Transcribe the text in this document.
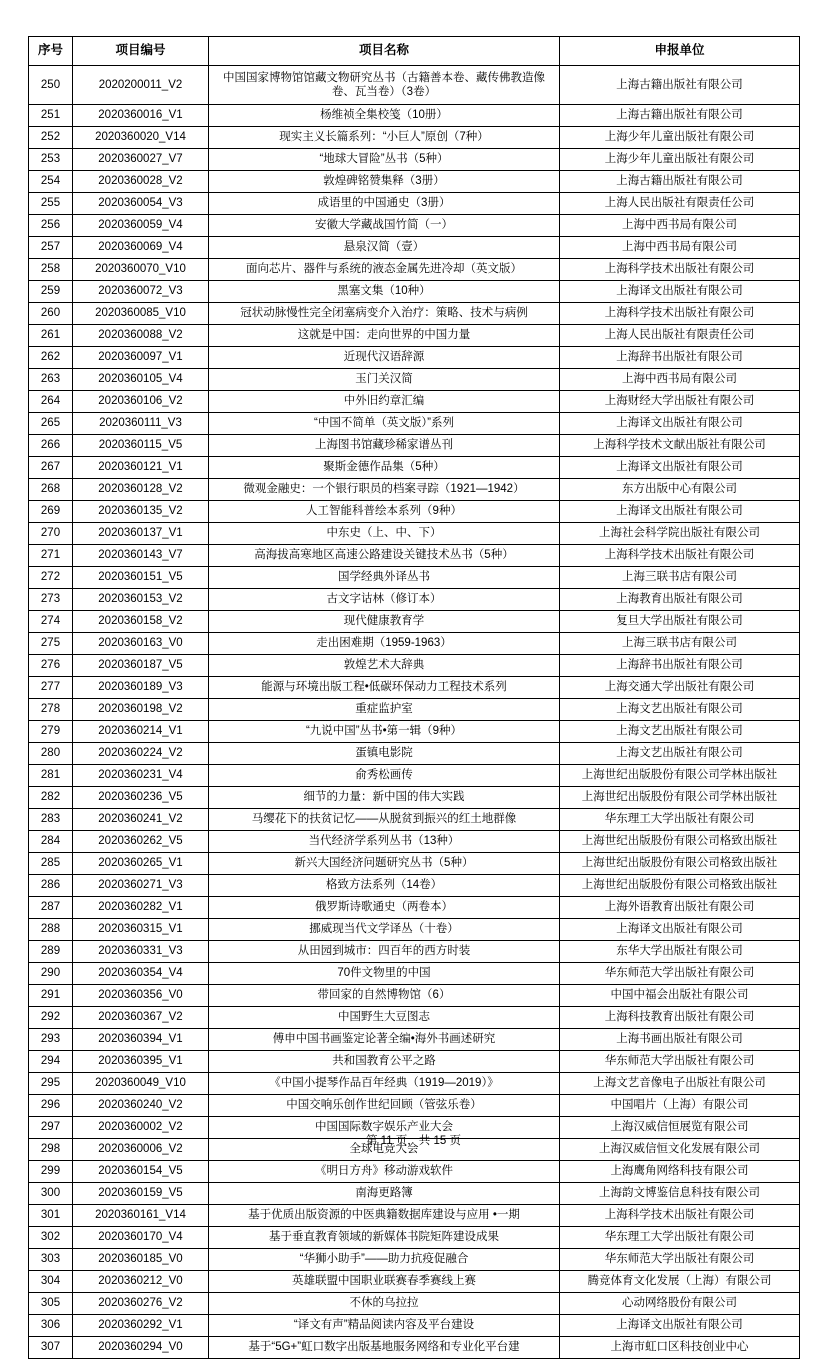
序号	项目编号	项目名称	申报单位
250	2020200011_V2	中国国家博物馆馆藏文物研究丛书（古籍善本卷、藏传佛教造像卷、瓦当卷）（3卷）	上海古籍出版社有限公司
251	2020360016_V1	杨维祯全集校笺（10册）	上海古籍出版社有限公司
252	2020360020_V14	现实主义长篇系列：“小巨人”原创（7种）	上海少年儿童出版社有限公司
253	2020360027_V7	“地球大冒险”丛书（5种）	上海少年儿童出版社有限公司
254	2020360028_V2	敦煌碑铭赞集释（3册）	上海古籍出版社有限公司
255	2020360054_V3	成语里的中国通史（3册）	上海人民出版社有限责任公司
256	2020360059_V4	安徽大学藏战国竹简（一）	上海中西书局有限公司
257	2020360069_V4	悬泉汉简（壹）	上海中西书局有限公司
258	2020360070_V10	面向芯片、器件与系统的液态金属先进冷却（英文版）	上海科学技术出版社有限公司
259	2020360072_V3	黑塞文集（10种）	上海译文出版社有限公司
260	2020360085_V10	冠状动脉慢性完全闭塞病变介入治疗：策略、技术与病例	上海科学技术出版社有限公司
261	2020360088_V2	这就是中国：走向世界的中国力量	上海人民出版社有限责任公司
262	2020360097_V1	近现代汉语辞源	上海辞书出版社有限公司
263	2020360105_V4	玉门关汉简	上海中西书局有限公司
264	2020360106_V2	中外旧约章汇编	上海财经大学出版社有限公司
265	2020360111_V3	“中国不简单（英文版）”系列	上海译文出版社有限公司
266	2020360115_V5	上海图书馆藏珍稀家谱丛刊	上海科学技术文献出版社有限公司
267	2020360121_V1	聚斯金德作品集（5种）	上海译文出版社有限公司
268	2020360128_V2	微观金融史：一个银行职员的档案寻踪（1921—1942）	东方出版中心有限公司
269	2020360135_V2	人工智能科普绘本系列（9种）	上海译文出版社有限公司
270	2020360137_V1	中东史（上、中、下）	上海社会科学院出版社有限公司
271	2020360143_V7	高海拔高寒地区高速公路建设关键技术丛书（5种）	上海科学技术出版社有限公司
272	2020360151_V5	国学经典外译丛书	上海三联书店有限公司
273	2020360153_V2	古文字诂林（修订本）	上海教育出版社有限公司
274	2020360158_V2	现代健康教育学	复旦大学出版社有限公司
275	2020360163_V0	走出困难期（1959-1963）	上海三联书店有限公司
276	2020360187_V5	敦煌艺术大辞典	上海辞书出版社有限公司
277	2020360189_V3	能源与环境出版工程•低碳环保动力工程技术系列	上海交通大学出版社有限公司
278	2020360198_V2	重症监护室	上海文艺出版社有限公司
279	2020360214_V1	“九说中国”丛书•第一辑（9种）	上海文艺出版社有限公司
280	2020360224_V2	蛋镇电影院	上海文艺出版社有限公司
281	2020360231_V4	俞秀松画传	上海世纪出版股份有限公司学林出版社
282	2020360236_V5	细节的力量：新中国的伟大实践	上海世纪出版股份有限公司学林出版社
283	2020360241_V2	马缨花下的扶贫记忆——从脱贫到振兴的红土地群像	华东理工大学出版社有限公司
284	2020360262_V5	当代经济学系列丛书（13种）	上海世纪出版股份有限公司格致出版社
285	2020360265_V1	新兴大国经济问题研究丛书（5种）	上海世纪出版股份有限公司格致出版社
286	2020360271_V3	格致方法系列（14卷）	上海世纪出版股份有限公司格致出版社
287	2020360282_V1	俄罗斯诗歌通史（两卷本）	上海外语教育出版社有限公司
288	2020360315_V1	挪威现当代文学译丛（十卷）	上海译文出版社有限公司
289	2020360331_V3	从田园到城市：四百年的西方时装	东华大学出版社有限公司
290	2020360354_V4	70件文物里的中国	华东师范大学出版社有限公司
291	2020360356_V0	带回家的自然博物馆（6）	中国中福会出版社有限公司
292	2020360367_V2	中国野生大豆图志	上海科技教育出版社有限公司
293	2020360394_V1	傅申中国书画鉴定论著全编•海外书画述研究	上海书画出版社有限公司
294	2020360395_V1	共和国教育公平之路	华东师范大学出版社有限公司
295	2020360049_V10	《中国小提琴作品百年经典（1919—2019）》	上海文艺音像电子出版社有限公司
296	2020360240_V2	中国交响乐创作世纪回顾（管弦乐卷）	中国唱片（上海）有限公司
297	2020360002_V2	中国国际数字娱乐产业大会	上海汉威信恒展览有限公司
298	2020360006_V2	全球电竞大会	上海汉威信恒文化发展有限公司
299	2020360154_V5	《明日方舟》移动游戏软件	上海鹰角网络科技有限公司
300	2020360159_V5	南海更路簿	上海韵文博鉴信息科技有限公司
301	2020360161_V14	基于优质出版资源的中医典籍数据库建设与应用 •一期	上海科学技术出版社有限公司
302	2020360170_V4	基于垂直教育领域的新媒体书院矩阵建设成果	华东理工大学出版社有限公司
303	2020360185_V0	“华狮小助手”——助力抗疫促融合	华东师范大学出版社有限公司
304	2020360212_V0	英雄联盟中国职业联赛春季赛线上赛	腾竞体育文化发展（上海）有限公司
305	2020360276_V2	不休的乌拉拉	心动网络股份有限公司
306	2020360292_V1	“译文有声”精品阅读内容及平台建设	上海译文出版社有限公司
307	2020360294_V0	基于“5G+”虹口数字出版基地服务网络和专业化平台建	上海市虹口区科技创业中心
第 11 页，共 15 页
